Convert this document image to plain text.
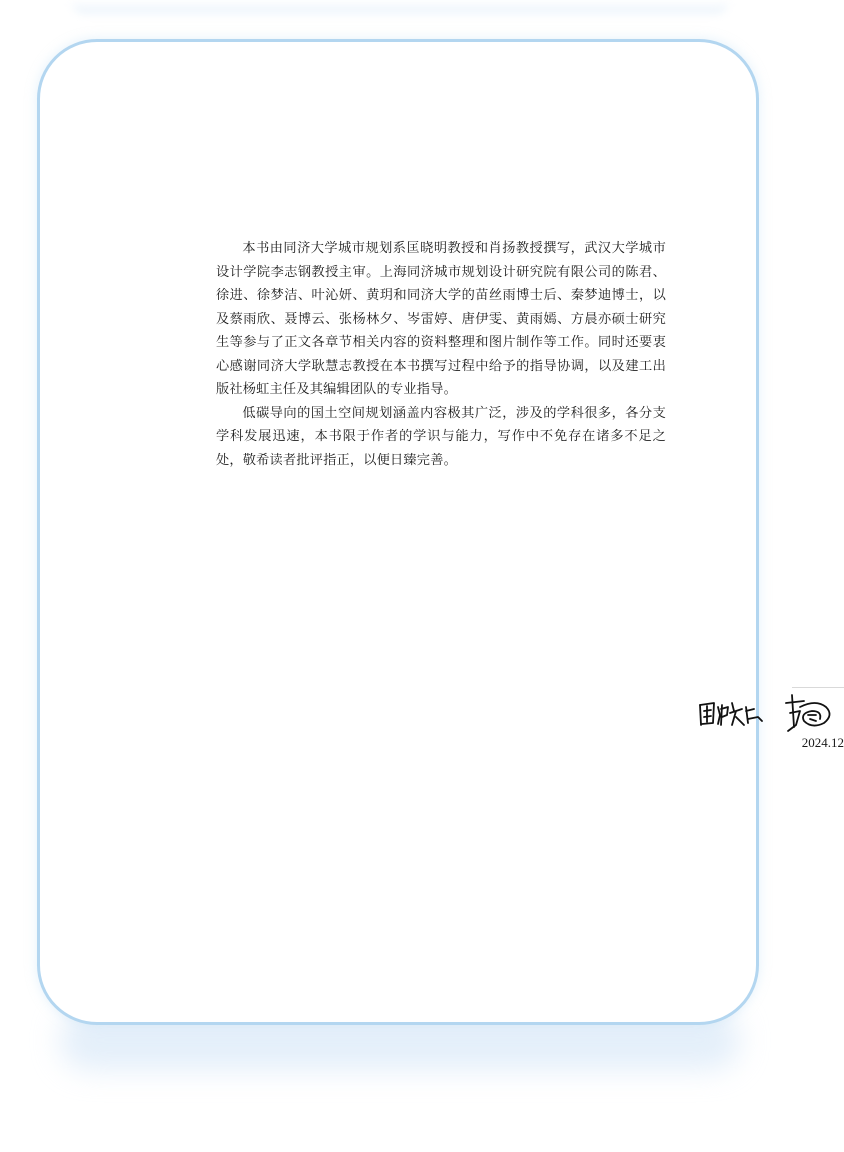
本书由同济大学城市规划系匡晓明教授和肖扬教授撰写，武汉大学城市设计学院李志钢教授主审。上海同济城市规划设计研究院有限公司的陈君、徐进、徐梦洁、叶沁妍、黄玥和同济大学的苗丝雨博士后、秦梦迪博士，以及蔡雨欣、聂博云、张杨林夕、岑雷婷、唐伊雯、黄雨嫣、方晨亦硕士研究生等参与了正文各章节相关内容的资料整理和图片制作等工作。同时还要衷心感谢同济大学耿慧志教授在本书撰写过程中给予的指导协调，以及建工出版社杨虹主任及其编辑团队的专业指导。

低碳导向的国土空间规划涵盖内容极其广泛，涉及的学科很多，各分支学科发展迅速，本书限于作者的学识与能力，写作中不免存在诸多不足之处，敬希读者批评指正，以便日臻完善。

2024.12
